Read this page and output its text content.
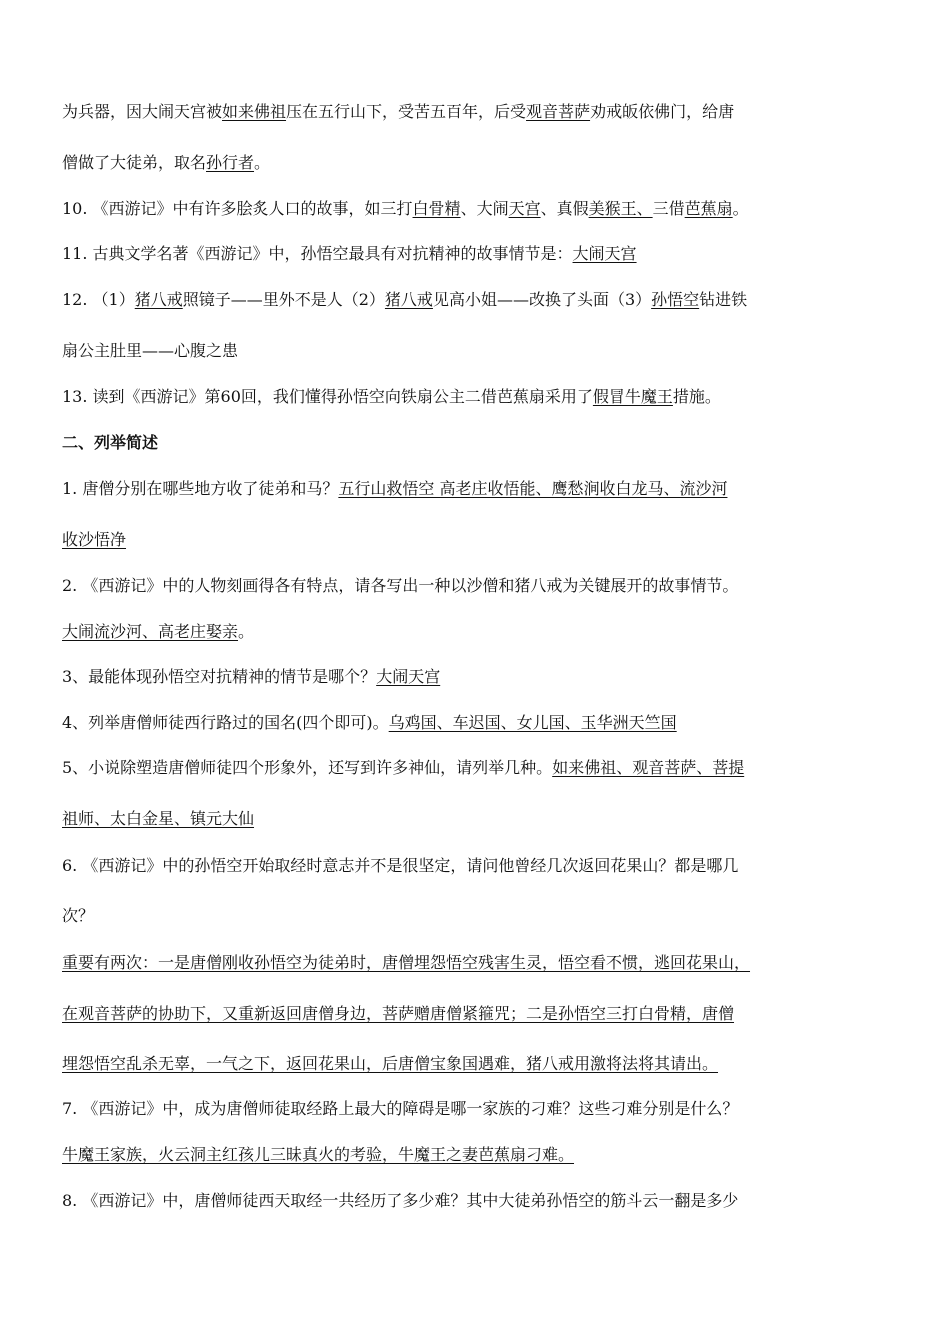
为兵器，因大闹天宫被如来佛祖压在五行山下，受苦五百年，后受观音菩萨劝戒皈依佛门，给唐
僧做了大徒弟，取名孙行者。
10. 《西游记》中有许多脍炙人口的故事，如三打白骨精、大闹天宫、真假美猴王、三借芭蕉扇。
11. 古典文学名著《西游记》中，孙悟空最具有对抗精神的故事情节是：大闹天宫
12. （1）猪八戒照镜子——里外不是人（2）猪八戒见高小姐——改换了头面（3）孙悟空钻进铁
扇公主肚里——心腹之患
13. 读到《西游记》第60回，我们懂得孙悟空向铁扇公主二借芭蕉扇采用了假冒牛魔王措施。
二、列举简述
1. 唐僧分别在哪些地方收了徒弟和马？五行山救悟空 高老庄收悟能、鹰愁涧收白龙马、流沙河
收沙悟净
2. 《西游记》中的人物刻画得各有特点，请各写出一种以沙僧和猪八戒为关键展开的故事情节。
大闹流沙河、高老庄娶亲。
3、最能体现孙悟空对抗精神的情节是哪个？大闹天宫
4、列举唐僧师徒西行路过的国名(四个即可)。乌鸡国、车迟国、女儿国、玉华洲天竺国
5、小说除塑造唐僧师徒四个形象外，还写到许多神仙，请列举几种。如来佛祖、观音菩萨、菩提
祖师、太白金星、镇元大仙
6. 《西游记》中的孙悟空开始取经时意志并不是很坚定，请问他曾经几次返回花果山？都是哪几
次？
重要有两次：一是唐僧刚收孙悟空为徒弟时，唐僧埋怨悟空残害生灵，悟空看不惯，逃回花果山，
在观音菩萨的协助下，又重新返回唐僧身边，菩萨赠唐僧紧箍咒；二是孙悟空三打白骨精，唐僧
埋怨悟空乱杀无辜，一气之下，返回花果山，后唐僧宝象国遇难，猪八戒用激将法将其请出。
7. 《西游记》中，成为唐僧师徒取经路上最大的障碍是哪一家族的刁难？这些刁难分别是什么？
牛魔王家族，火云洞主红孩儿三昧真火的考验，牛魔王之妻芭蕉扇刁难。
8. 《西游记》中，唐僧师徒西天取经一共经历了多少难？其中大徒弟孙悟空的筋斗云一翻是多少
